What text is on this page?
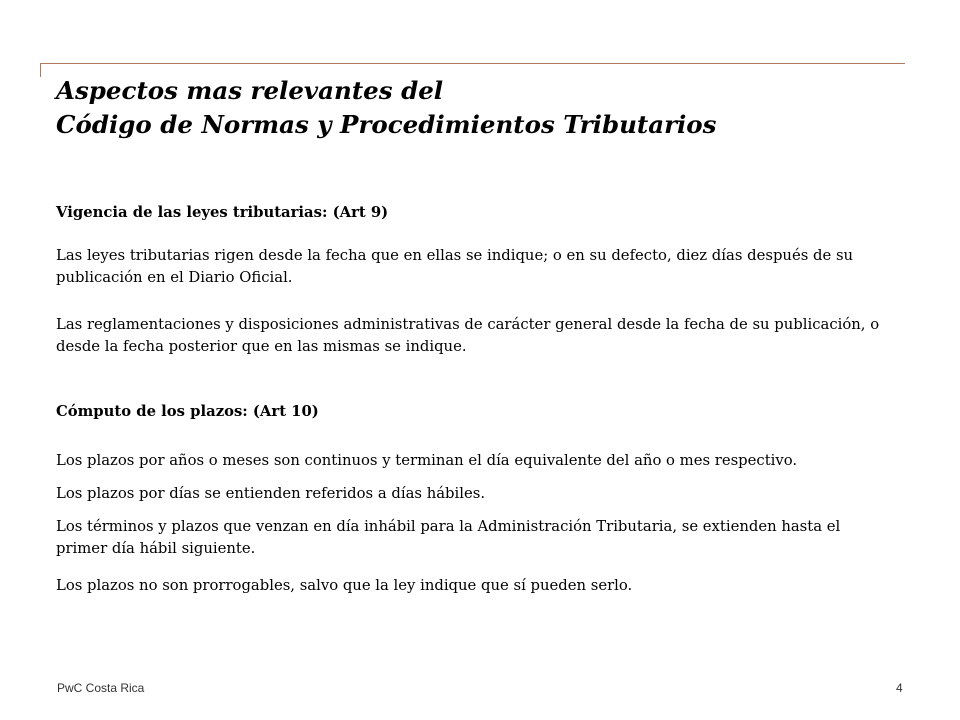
Aspectos mas relevantes del
Código de Normas y Procedimientos Tributarios
Vigencia de las leyes tributarias: (Art 9)

Las leyes tributarias rigen desde la fecha que en ellas se indique; o en su defecto, diez días después de su publicación en el Diario Oficial.

Las reglamentaciones y disposiciones administrativas de carácter general desde la fecha de su publicación, o desde la fecha posterior que en las mismas se indique.

Cómputo de los plazos: (Art 10)

Los plazos por años o meses son continuos y terminan el día equivalente del año o mes respectivo.

Los plazos por días se entienden referidos a días hábiles.

Los términos y plazos que venzan en día inhábil para la Administración Tributaria, se extienden hasta el primer día hábil siguiente.

Los plazos no son prorrogables, salvo que la ley indique que sí pueden serlo.

PwC Costa Rica	4
